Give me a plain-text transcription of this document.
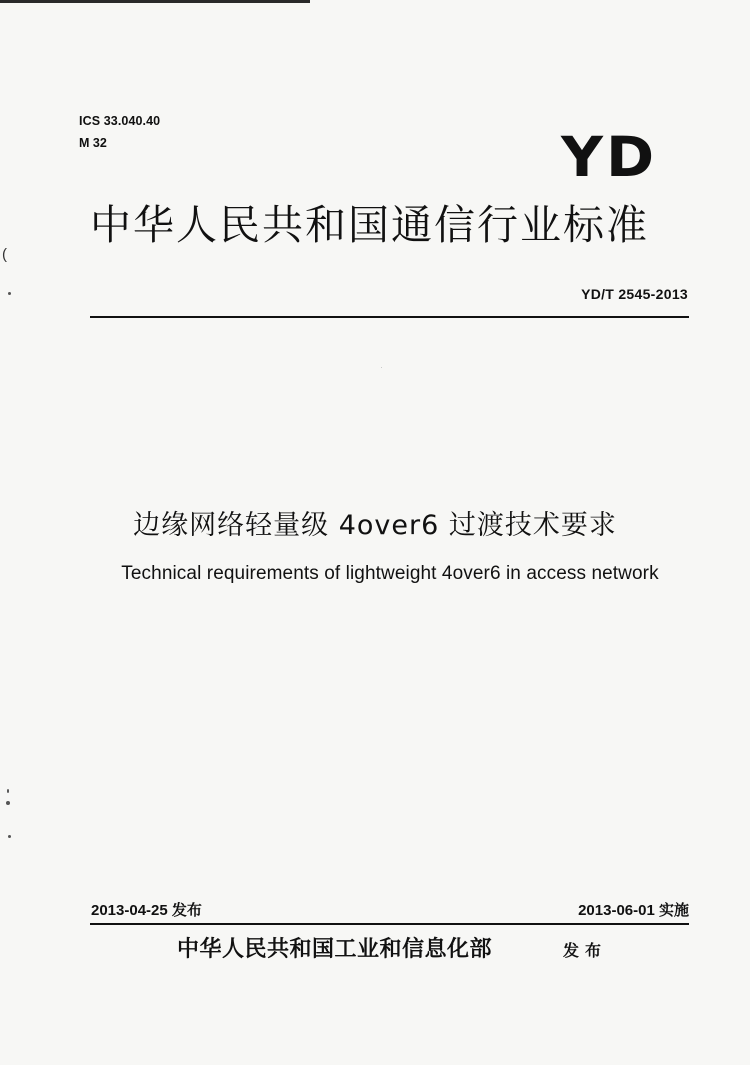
(
ICS 33.040.40
M 32	YD
中华人民共和国通信行业标准
YD/T 2545-2013
边缘网络轻量级 4over6 过渡技术要求
Technical requirements of lightweight 4over6 in access network
2013-04-25 发布	2013-06-01 实施
中华人民共和国工业和信息化部	发布
